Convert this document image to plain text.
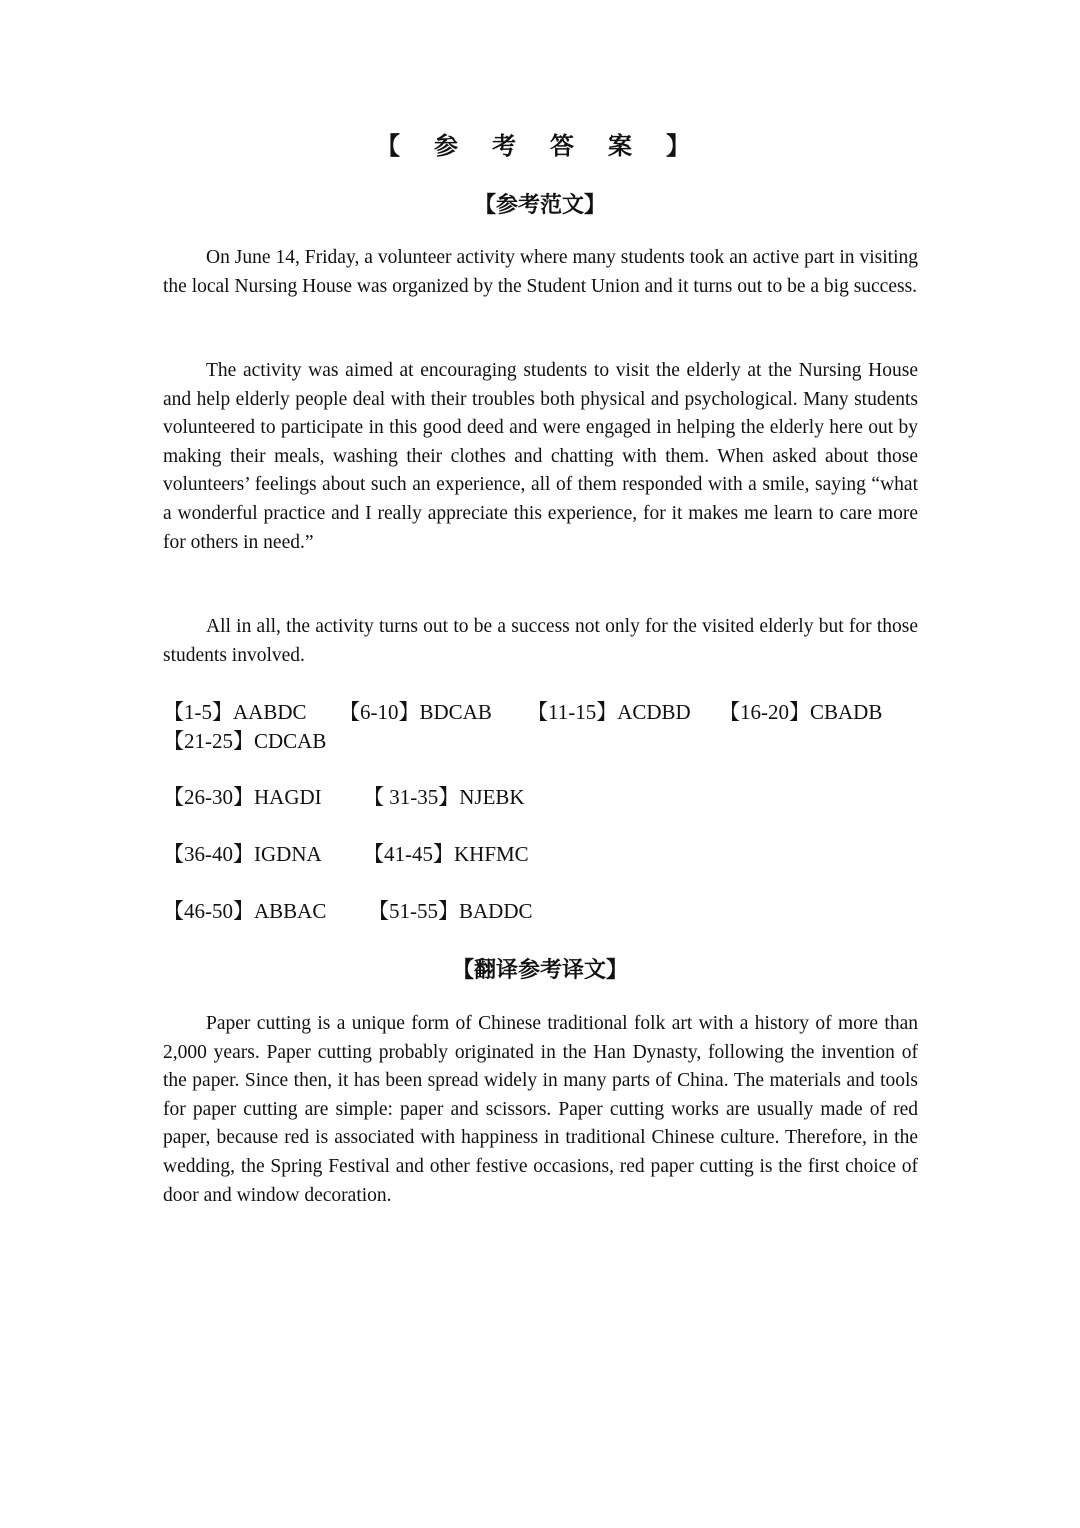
【 参 考 答 案 】
【参考范文】

On June 14, Friday, a volunteer activity where many students took an active part in visiting the local Nursing House was organized by the Student Union and it turns out to be a big success.

The activity was aimed at encouraging students to visit the elderly at the Nursing House and help elderly people deal with their troubles both physical and psychological. Many students volunteered to participate in this good deed and were engaged in helping the elderly here out by making their meals, washing their clothes and chatting with them. When asked about those volunteers’ feelings about such an experience, all of them responded with a smile, saying “what a wonderful practice and I really appreciate this experience, for it makes me learn to care more for others in need.”

All in all, the activity turns out to be a success not only for the visited elderly but for those students involved.

【1-5】AABDC 【6-10】BDCAB 【11-15】ACDBD 【16-20】CBADB
【21-25】CDCAB
【26-30】HAGDI 【 31-35】NJEBK
【36-40】IGDNA 【41-45】KHFMC
【46-50】ABBAC 【51-55】BADDC
【翻译参考译文】

Paper cutting is a unique form of Chinese traditional folk art with a history of more than 2,000 years. Paper cutting probably originated in the Han Dynasty, following the invention of the paper. Since then, it has been spread widely in many parts of China. The materials and tools for paper cutting are simple: paper and scissors. Paper cutting works are usually made of red paper, because red is associated with happiness in traditional Chinese culture. Therefore, in the wedding, the Spring Festival and other festive occasions, red paper cutting is the first choice of door and window decoration.
